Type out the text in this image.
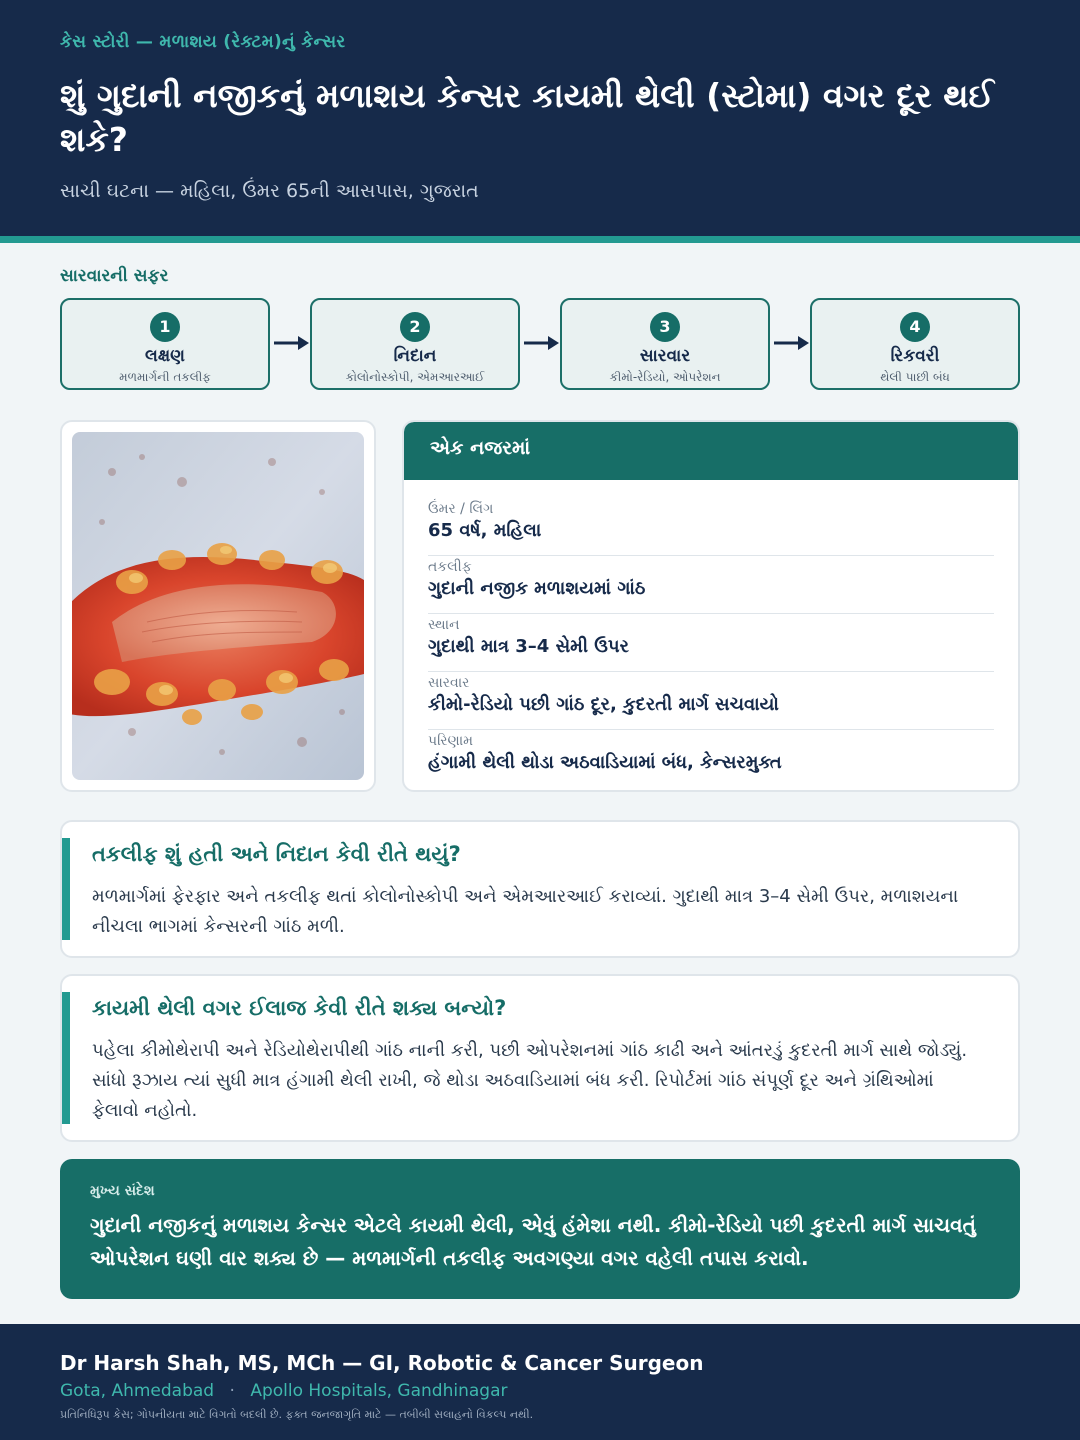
કેસ સ્ટોરી — મળાશય (રેક્ટમ)નું કેન્સર
શું ગુદાની નજીકનું મળાશય કેન્સર કાયમી થેલી (સ્ટોમા) વગર દૂર થઈ શકે?
સાચી ઘટના — મહિલા, ઉંમર 65ની આસપાસ, ગુજરાત
સારવારની સફર
1
લક્ષણ
મળમાર્ગની તકલીફ
2
નિદાન
કોલોનોસ્કોપી, એમઆરઆઈ
3
સારવાર
કીમો-રેડિયો, ઓપરેશન
4
રિકવરી
થેલી પાછી બંધ
એક નજરમાં
ઉંમર / લિંગ
65 વર્ષ, મહિલા
તકલીફ
ગુદાની નજીક મળાશયમાં ગાંઠ
સ્થાન
ગુદાથી માત્ર 3–4 સેમી ઉપર
સારવાર
કીમો-રેડિયો પછી ગાંઠ દૂર, કુદરતી માર્ગ સચવાયો
પરિણામ
હંગામી થેલી થોડા અઠવાડિયામાં બંધ, કેન્સરમુક્ત
તકલીફ શું હતી અને નિદાન કેવી રીતે થયું?

મળમાર્ગમાં ફેરફાર અને તકલીફ થતાં કોલોનોસ્કોપી અને એમઆરઆઈ કરાવ્યાં. ગુદાથી માત્ર 3–4 સેમી ઉપર, મળાશયના નીચલા ભાગમાં કેન્સરની ગાંઠ મળી.

કાયમી થેલી વગર ઈલાજ કેવી રીતે શક્ય બન્યો?

પહેલા કીમોથેરાપી અને રેડિયોથેરાપીથી ગાંઠ નાની કરી, પછી ઓપરેશનમાં ગાંઠ કાઢી અને આંતરડું કુદરતી માર્ગ સાથે જોડ્યું. સાંધો રૂઝાય ત્યાં સુધી માત્ર હંગામી થેલી રાખી, જે થોડા અઠવાડિયામાં બંધ કરી. રિપોર્ટમાં ગાંઠ સંપૂર્ણ દૂર અને ગ્રંથિઓમાં ફેલાવો નહોતો.

મુખ્ય સંદેશ
ગુદાની નજીકનું મળાશય કેન્સર એટલે કાયમી થેલી, એવું હંમેશા નથી. કીમો-રેડિયો પછી કુદરતી માર્ગ સાચવતું ઓપરેશન ઘણી વાર શક્ય છે — મળમાર્ગની તકલીફ અવગણ્યા વગર વહેલી તપાસ કરાવો.
Dr Harsh Shah, MS, MCh — GI, Robotic & Cancer Surgeon
Gota, Ahmedabad · Apollo Hospitals, Gandhinagar
પ્રતિનિધિરૂપ કેસ; ગોપનીયતા માટે વિગતો બદલી છે. ફક્ત જનજાગૃતિ માટે — તબીબી સલાહનો વિકલ્પ નથી.
